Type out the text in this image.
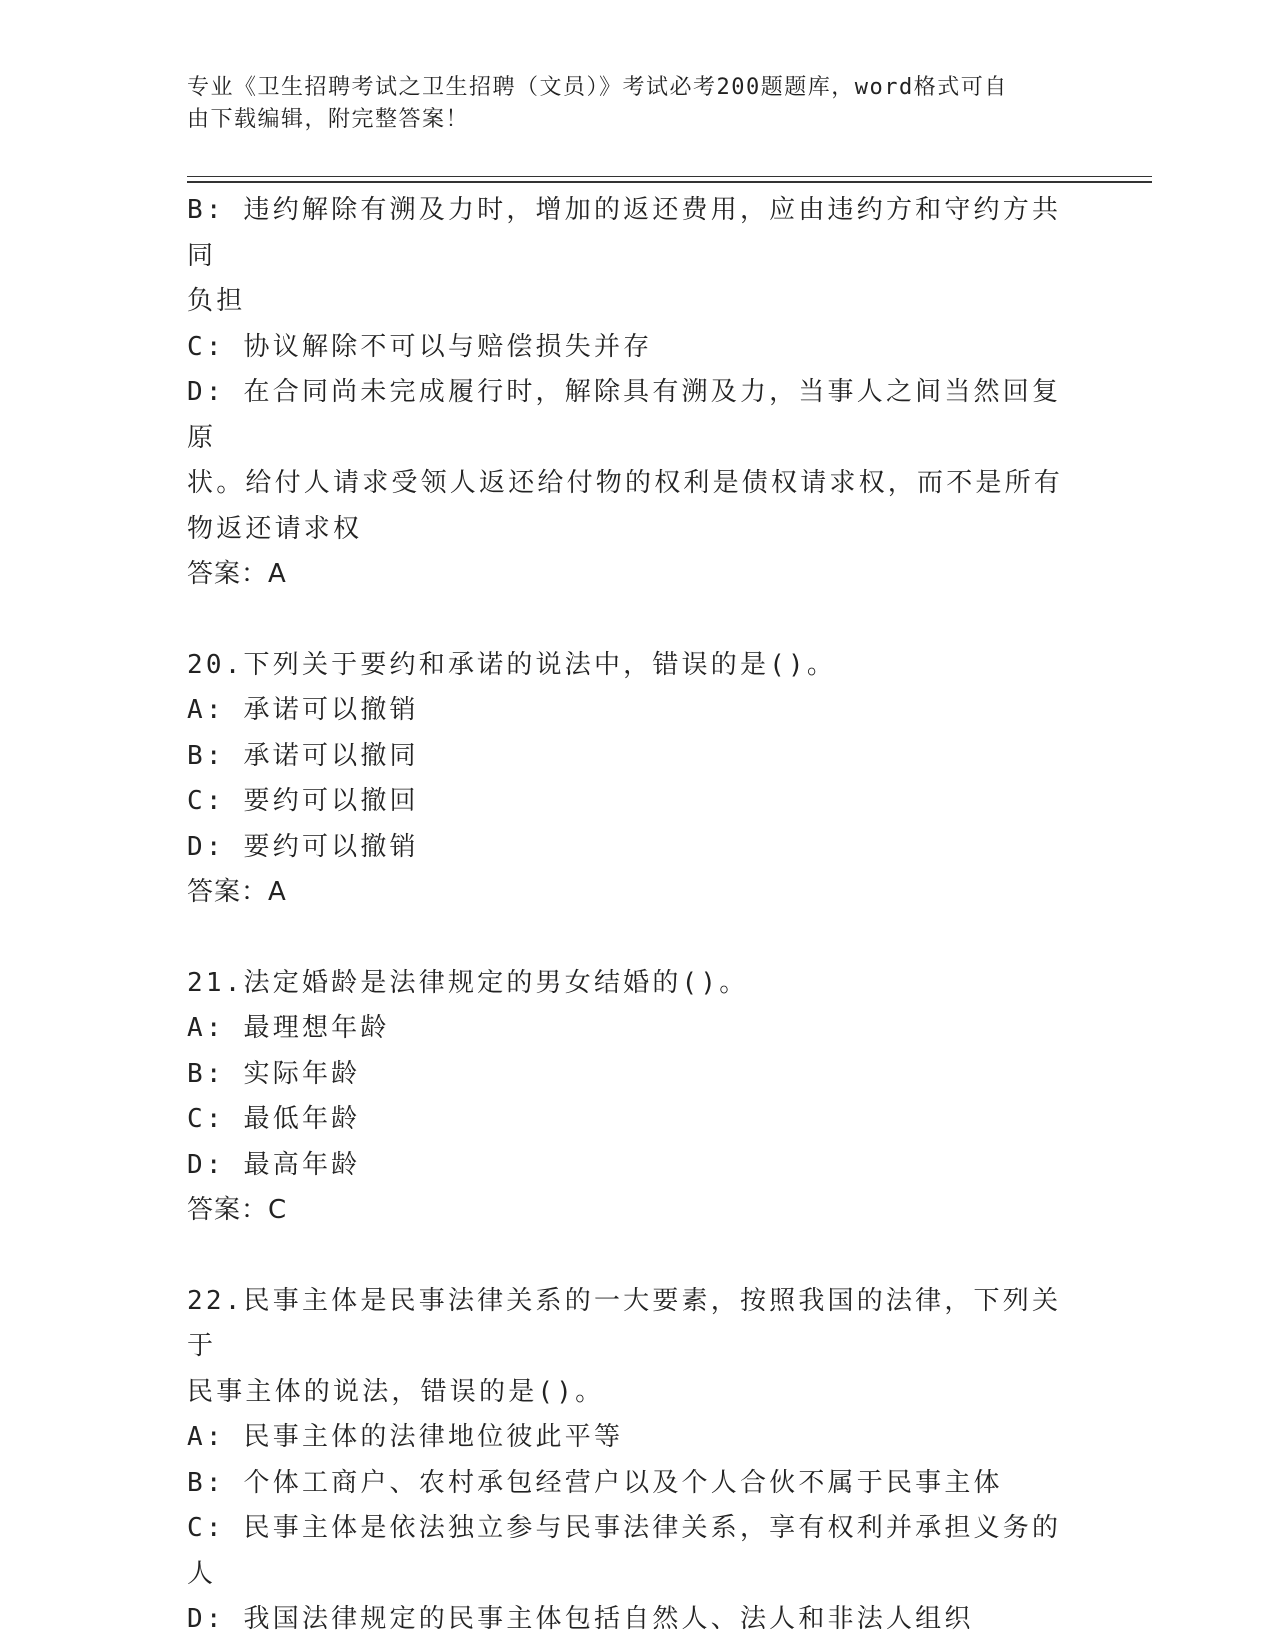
专业《卫生招聘考试之卫生招聘（文员）》考试必考200题题库，word格式可自
由下载编辑，附完整答案！
B: 违约解除有溯及力时，增加的返还费用，应由违约方和守约方共同
负担
C: 协议解除不可以与赔偿损失并存
D: 在合同尚未完成履行时，解除具有溯及力，当事人之间当然回复原
状。给付人请求受领人返还给付物的权利是债权请求权，而不是所有
物返还请求权
答案：A
20.下列关于要约和承诺的说法中，错误的是()。
A: 承诺可以撤销
B: 承诺可以撤同
C: 要约可以撤回
D: 要约可以撤销
答案：A
21.法定婚龄是法律规定的男女结婚的()。
A: 最理想年龄
B: 实际年龄
C: 最低年龄
D: 最高年龄
答案：C
22.民事主体是民事法律关系的一大要素，按照我国的法律，下列关于
民事主体的说法，错误的是()。
A: 民事主体的法律地位彼此平等
B: 个体工商户、农村承包经营户以及个人合伙不属于民事主体
C: 民事主体是依法独立参与民事法律关系，享有权利并承担义务的人
D: 我国法律规定的民事主体包括自然人、法人和非法人组织
